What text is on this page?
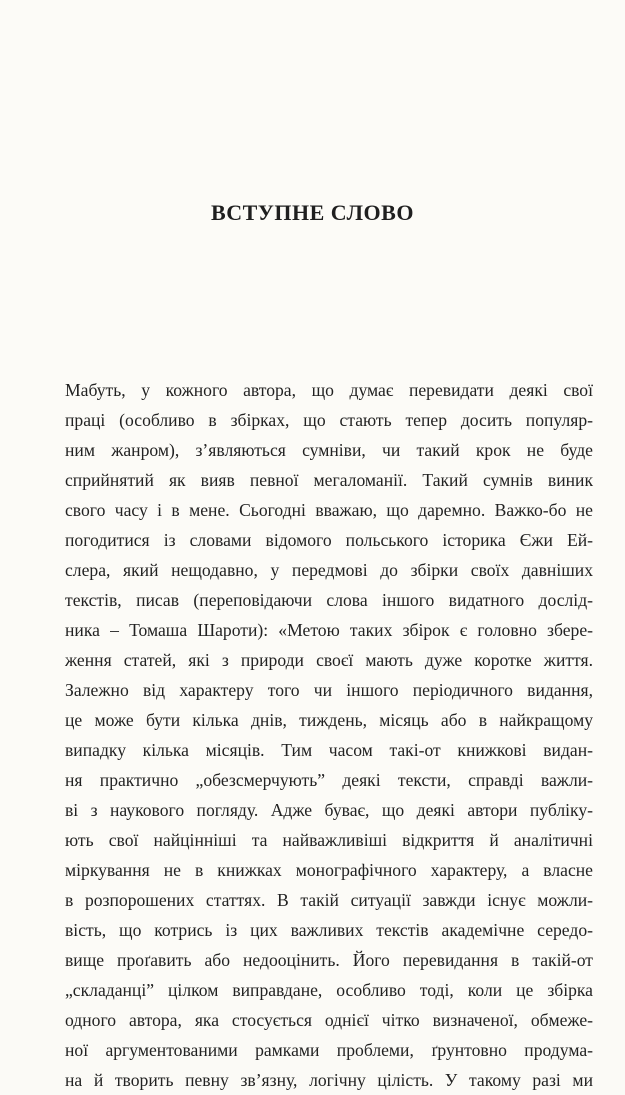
ВСТУПНЕ СЛОВО
Мабуть, у кожного автора, що думає перевидати деякі свої
праці (особливо в збірках, що стають тепер досить популяр-
ним жанром), з’являються сумніви, чи такий крок не буде
сприйнятий як вияв певної мегаломанії. Такий сумнів виник
свого часу і в мене. Сьогодні вважаю, що даремно. Важко-бо не
погодитися із словами відомого польського історика Єжи Ей-
слера, який нещодавно, у передмові до збірки своїх давніших
текстів, писав (переповідаючи слова іншого видатного дослід-
ника – Томаша Шароти): «Метою таких збірок є головно збере-
ження статей, які з природи своєї мають дуже коротке життя.
Залежно від характеру того чи іншого періодичного видання,
це може бути кілька днів, тиждень, місяць або в найкращому
випадку кілька місяців. Тим часом такі-от книжкові видан-
ня практично „обезсмерчують” деякі тексти, справді важли-
ві з наукового погляду. Адже буває, що деякі автори публіку-
ють свої найцінніші та найважливіші відкриття й аналітичні
міркування не в книжках монографічного характеру, а власне
в розпорошених статтях. В такій ситуації завжди існує можли-
вість, що котрись із цих важливих текстів академічне середо-
вище проґавить або недооцінить. Його перевидання в такій-от
„складанці” цілком виправдане, особливо тоді, коли це збірка
одного автора, яка стосується однієї чітко визначеної, обмеже-
ної аргументованими рамками проблеми, ґрунтовно продума-
на й творить певну зв’язну, логічну цілість. У такому разі ми
